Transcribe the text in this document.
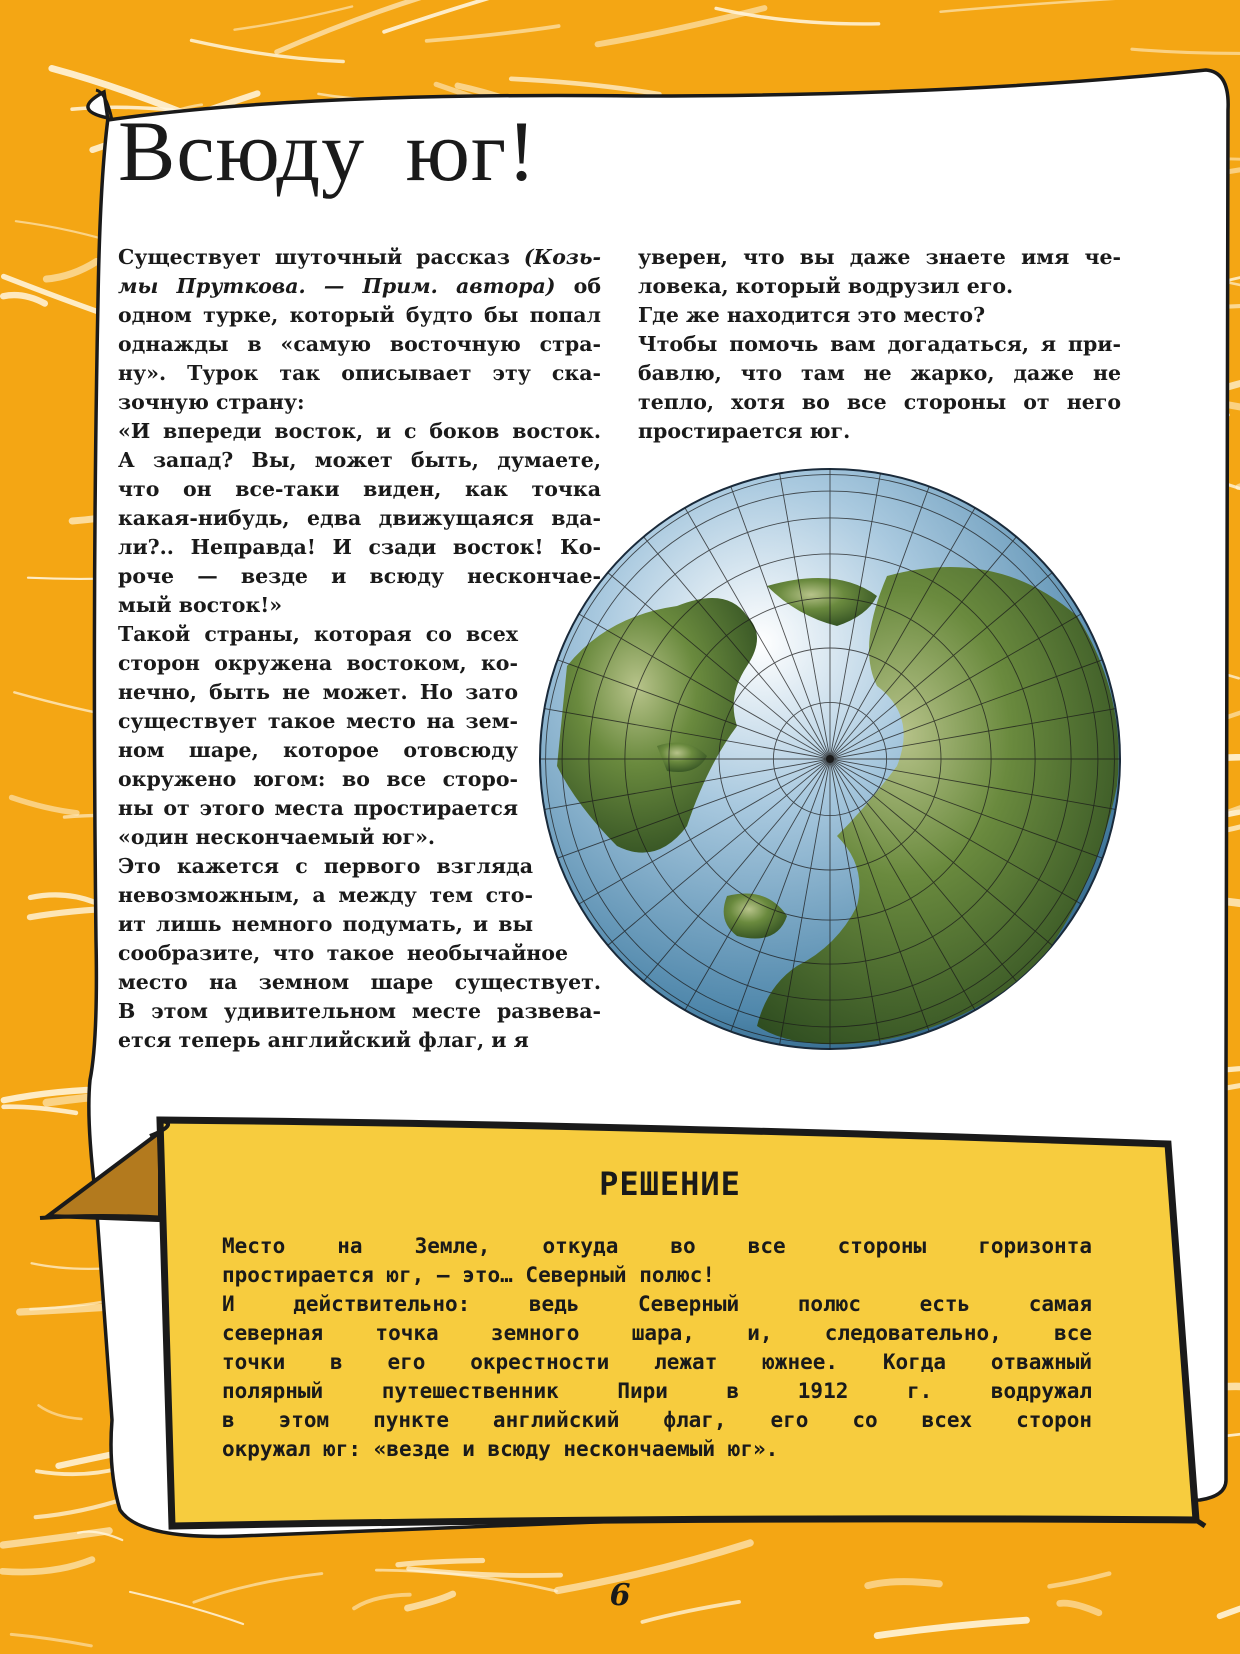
Всюду юг!
Существует шуточный рассказ (Козь-
мы Пруткова. — Прим. автора) об
одном турке, который будто бы попал
однажды в «самую восточную стра-
ну». Турок так описывает эту ска-
зочную страну:
«И впереди восток, и с боков восток.
А запад? Вы, может быть, думаете,
что он все-таки виден, как точка
какая-нибудь, едва движущаяся вда-
ли?.. Неправда! И сзади восток! Ко-
роче — везде и всюду нескончае-
мый восток!»
Такой страны, которая со всех
сторон окружена востоком, ко-
нечно, быть не может. Но зато
существует такое место на зем-
ном шаре, которое отовсюду
окружено югом: во все сторо-
ны от этого места простирается
«один нескончаемый юг».
Это кажется с первого взгляда
невозможным, а между тем сто-
ит лишь немного подумать, и вы
сообразите, что такое необычайное
место на земном шаре существует.
В этом удивительном месте развева-
ется теперь английский флаг, и я
уверен, что вы даже знаете имя че-
ловека, который водрузил его.
Где же находится это место?
Чтобы помочь вам догадаться, я при-
бавлю, что там не жарко, даже не
тепло, хотя во все стороны от него
простирается юг.
РЕШЕНИЕ
Место на Земле, откуда во все стороны горизонта
простирается юг, — это… Северный полюс!
И действительно: ведь Северный полюс есть самая
северная точка земного шара, и, следовательно, все
точки в его окрестности лежат южнее. Когда отважный
полярный путешественник Пири в 1912 г. водружал
в этом пункте английский флаг, его со всех сторон
окружал юг: «везде и всюду нескончаемый юг».
6
